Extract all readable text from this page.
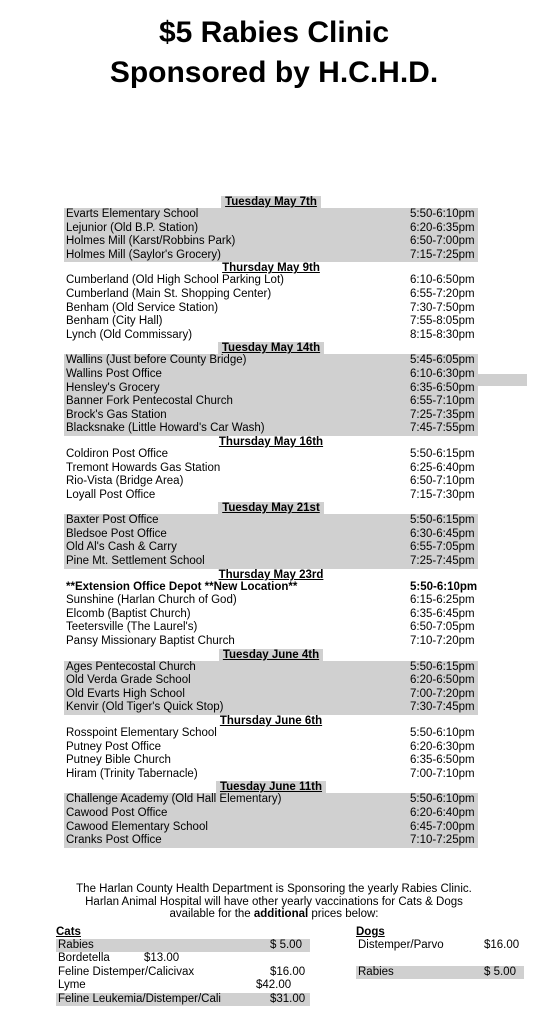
$5 Rabies Clinic
Sponsored by H.C.H.D.
Tuesday May 7th
Evarts Elementary School	5:50-6:10pm
Lejunior (Old B.P. Station)	6:20-6:35pm
Holmes Mill (Karst/Robbins Park)	6:50-7:00pm
Holmes Mill (Saylor's Grocery)	7:15-7:25pm
Thursday May 9th
Cumberland (Old High School Parking Lot)	6:10-6:50pm
Cumberland (Main St. Shopping Center)	6:55-7:20pm
Benham (Old Service Station)	7:30-7:50pm
Benham (City Hall)	7:55-8:05pm
Lynch (Old Commissary)	8:15-8:30pm
Tuesday May 14th
Wallins (Just before County Bridge)	5:45-6:05pm
Wallins Post Office	6:10-6:30pm
Hensley's Grocery	6:35-6:50pm
Banner Fork Pentecostal Church	6:55-7:10pm
Brock's Gas Station	7:25-7:35pm
Blacksnake (Little Howard's Car Wash)	7:45-7:55pm
Thursday May 16th
Coldiron Post Office	5:50-6:15pm
Tremont Howards Gas Station	6:25-6:40pm
Rio-Vista (Bridge Area)	6:50-7:10pm
Loyall Post Office	7:15-7:30pm
Tuesday May 21st
Baxter Post Office	5:50-6:15pm
Bledsoe Post Office	6:30-6:45pm
Old Al's Cash & Carry	6:55-7:05pm
Pine Mt. Settlement School	7:25-7:45pm
Thursday May 23rd
**Extension Office Depot **New Location**	5:50-6:10pm
Sunshine (Harlan Church of God)	6:15-6:25pm
Elcomb (Baptist Church)	6:35-6:45pm
Teetersville (The Laurel's)	6:50-7:05pm
Pansy Missionary Baptist Church	7:10-7:20pm
Tuesday June 4th
Ages Pentecostal Church	5:50-6:15pm
Old Verda Grade School	6:20-6:50pm
Old Evarts High School	7:00-7:20pm
Kenvir (Old Tiger's Quick Stop)	7:30-7:45pm
Thursday June 6th
Rosspoint Elementary School	5:50-6:10pm
Putney Post Office	6:20-6:30pm
Putney Bible Church	6:35-6:50pm
Hiram (Trinity Tabernacle)	7:00-7:10pm
Tuesday June 11th
Challenge Academy (Old Hall Elementary)	5:50-6:10pm
Cawood Post Office	6:20-6:40pm
Cawood Elementary School	6:45-7:00pm
Cranks Post Office	7:10-7:25pm
The Harlan County Health Department is Sponsoring the yearly Rabies Clinic.
Harlan Animal Hospital will have other yearly vaccinations for Cats & Dogs
available for the additional prices below:
Cats
Rabies	$ 5.00
Bordetella	$13.00
Feline Distemper/Calicivax	$16.00
Lyme	$42.00
Feline Leukemia/Distemper/Cali	$31.00
Dogs
Distemper/Parvo	$16.00
Rabies	$ 5.00
